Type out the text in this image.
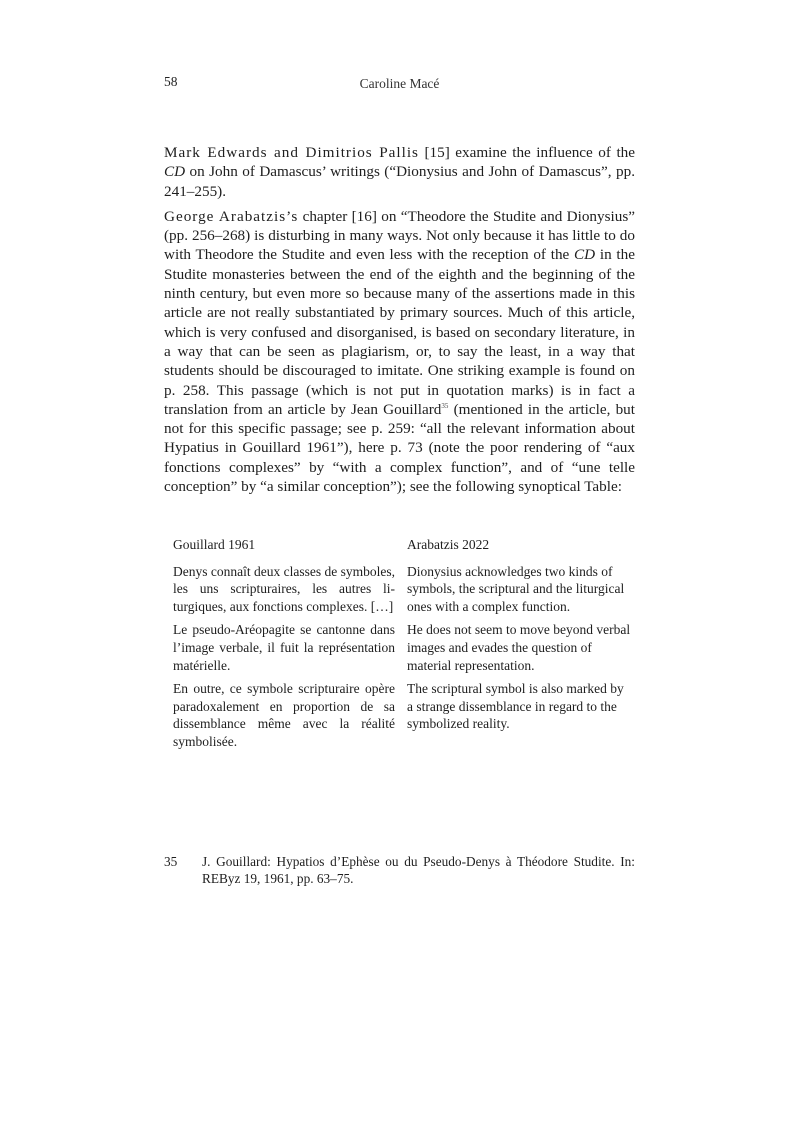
58	Caroline Macé

Mark Edwards and Dimitrios Pallis [15] examine the influence of the CD on John of Damascus’ writings (“Dionysius and John of Damascus”, pp. 241–255).

George Arabatzis’s chapter [16] on “Theodore the Studite and Dionysius” (pp. 256–268) is disturbing in many ways. Not only because it has little to do with Theodore the Studite and even less with the reception of the CD in the Studite monasteries between the end of the eighth and the beginning of the ninth century, but even more so because many of the assertions made in this article are not really substantiated by primary sources. Much of this article, which is very confused and disorganised, is based on secondary literature, in a way that can be seen as plagiarism, or, to say the least, in a way that students should be discouraged to imitate. One striking example is found on p. 258. This passage (which is not put in quotation marks) is in fact a translation from an article by Jean Gouillard$^{35}$ (mentioned in the article, but not for this specific passage; see p. 259: “all the relevant information about Hypatius in Gouillard 1961”), here p. 73 (note the poor rendering of “aux fonctions complexes” by “with a complex function”, and of “une telle conception” by “a similar conception”); see the following synoptical Table:

Gouillard 1961	Arabatzis 2022
Denys connaît deux classes de symboles, les uns scripturaires, les autres liturgiques, aux fonctions complexes. […]	Dionysius acknowledges two kinds of symbols, the scriptural and the liturgical ones with a complex function.
Le pseudo-Aréopagite se cantonne dans l’image verbale, il fuit la représentation matérielle.	He does not seem to move beyond verbal images and evades the question of material representation.
En outre, ce symbole scripturaire opère paradoxalement en proportion de sa dissemblance même avec la réalité symbolisée.	The scriptural symbol is also marked by a strange dissemblance in regard to the symbolized reality.
35	J. Gouillard: Hypatios d’Ephèse ou du Pseudo-Denys à Théodore Studite. In:
REByz 19, 1961, pp. 63–75.
